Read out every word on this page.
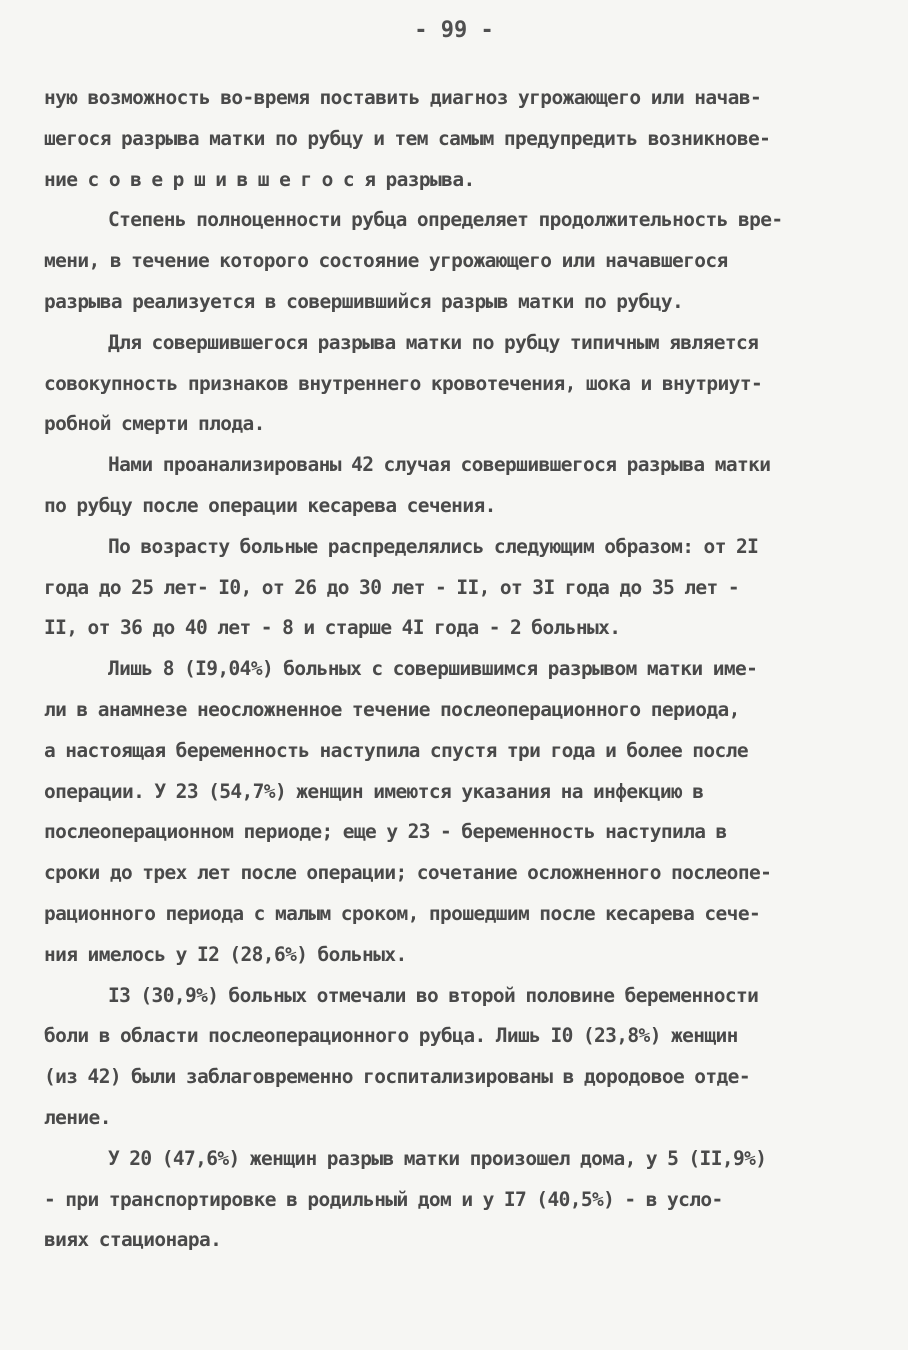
- 99 -
ную возможность во-время поставить диагноз угрожающего или начав-
шегося разрыва матки по рубцу и тем самым предупредить возникнове-
ние с о в е р ш и в ш е г о с я разрыва.
Степень полноценности рубца определяет продолжительность вре-
мени, в течение которого состояние угрожающего или начавшегося
разрыва реализуется в совершившийся разрыв матки по рубцу.
Для совершившегося разрыва матки по рубцу типичным является
совокупность признаков внутреннего кровотечения, шока и внутриут-
робной смерти плода.
Нами проанализированы 42 случая совершившегося разрыва матки
по рубцу после операции кесарева сечения.
По возрасту больные распределялись следующим образом: от 2I
года до 25 лет- I0, от 26 до 30 лет - II, от 3I года до 35 лет -
II, от 36 до 40 лет - 8 и старше 4I года - 2 больных.
Лишь 8 (I9,04%) больных с совершившимся разрывом матки име-
ли в анамнезе неосложненное течение послеоперационного периода,
а настоящая беременность наступила спустя три года и более после
операции. У 23 (54,7%) женщин имеются указания на инфекцию в
послеоперационном периоде; еще у 23 - беременность наступила в
сроки до трех лет после операции; сочетание осложненного послеопе-
рационного периода с малым сроком, прошедшим после кесарева сече-
ния имелось у I2 (28,6%) больных.
I3 (30,9%) больных отмечали во второй половине беременности
боли в области послеоперационного рубца. Лишь I0 (23,8%) женщин
(из 42) были заблаговременно госпитализированы в дородовое отде-
ление.
У 20 (47,6%) женщин разрыв матки произошел дома, у 5 (II,9%)
- при транспортировке в родильный дом и у I7 (40,5%) - в усло-
виях стационара.
